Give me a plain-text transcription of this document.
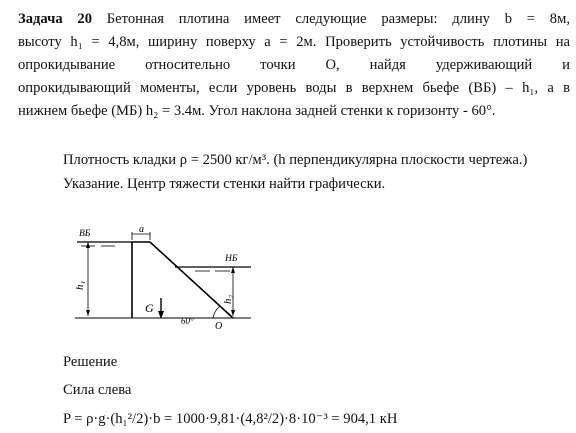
Задача 20 Бетонная плотина имеет следующие размеры: длину b = 8м,
высоту h₁ = 4,8м, ширину поверху a = 2м. Проверить устойчивость плотины на
опрокидывание относительно точки О, найдя удерживающий и
опрокидывающий моменты, если уровень воды в верхнем бьефе (ВБ) – h₁, а в
нижнем бьефе (МБ) h₂ = 3.4м. Угол наклона задней стенки к горизонту - 60°.
Плотность кладки ρ = 2500 кг/м³. (h перпендикулярна плоскости чертежа.)
Указание. Центр тяжести стенки найти графически.
ВБ	a
НБ
h₁
h₂
G
60° O
Решение
Сила слева
P = ρ·g·(h₁²/2)·b = 1000·9,81·(4,8²/2)·8·10⁻³ = 904,1 кН
